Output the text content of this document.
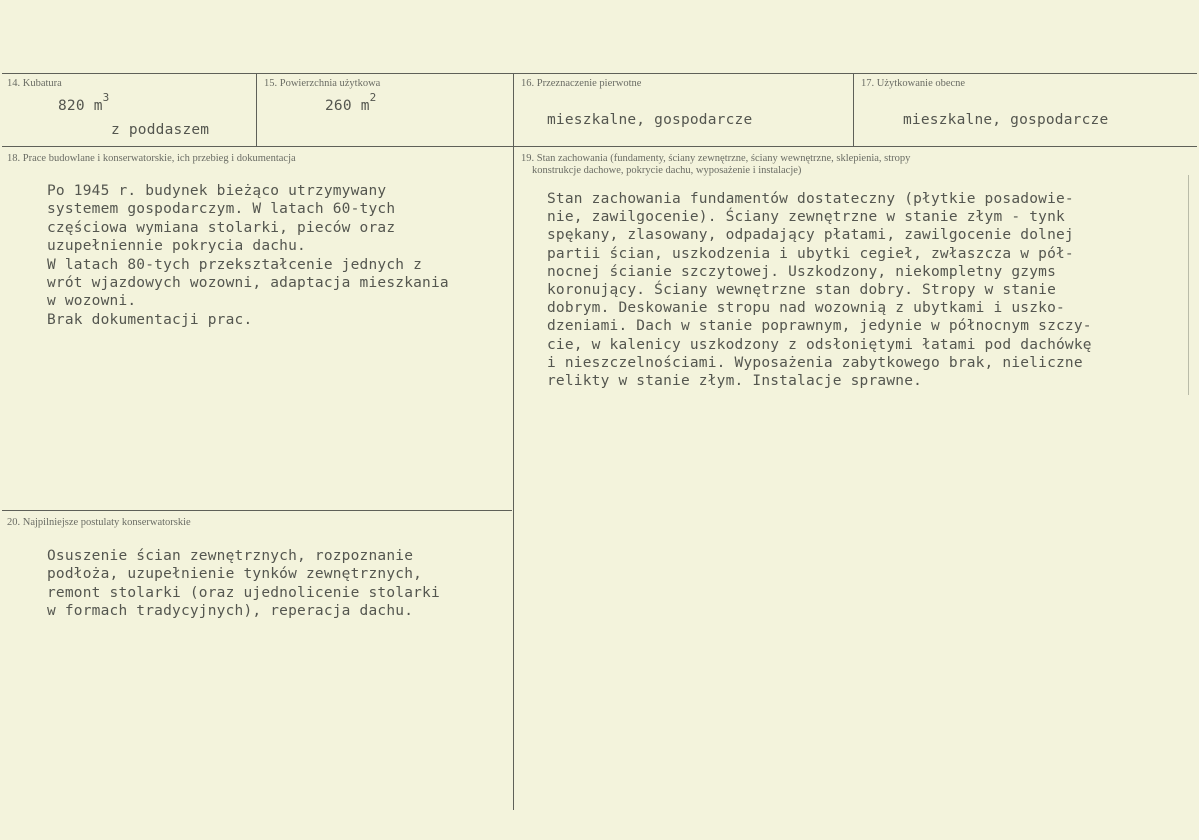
14. Kubatura
820 $m^3$
z poddaszem
15. Powierzchnia użytkowa
260 $m^2$
16. Przeznaczenie pierwotne
mieszkalne, gospodarcze
17. Użytkowanie obecne
mieszkalne, gospodarcze
18. Prace budowlane i konserwatorskie, ich przebieg i dokumentacja
Po 1945 r. budynek bieżąco utrzymywany
systemem gospodarczym. W latach 60-tych
częściowa wymiana stolarki, pieców oraz
uzupełniennie pokrycia dachu.
W latach 80-tych przekształcenie jednych z
wrót wjazdowych wozowni, adaptacja mieszkania
w wozowni.
Brak dokumentacji prac.
19. Stan zachowania (fundamenty, ściany zewnętrzne, ściany wewnętrzne, sklepienia, stropy
konstrukcje dachowe, pokrycie dachu, wyposażenie i instalacje)
Stan zachowania fundamentów dostateczny (płytkie posadowie-
nie, zawilgocenie). Ściany zewnętrzne w stanie złym - tynk
spękany, zlasowany, odpadający płatami, zawilgocenie dolnej
partii ścian, uszkodzenia i ubytki cegieł, zwłaszcza w pół-
nocnej ścianie szczytowej. Uszkodzony, niekompletny gzyms
koronujący. Ściany wewnętrzne stan dobry. Stropy w stanie
dobrym. Deskowanie stropu nad wozownią z ubytkami i uszko-
dzeniami. Dach w stanie poprawnym, jedynie w północnym szczy-
cie, w kalenicy uszkodzony z odsłoniętymi łatami pod dachówkę
i nieszczelnościami. Wyposażenia zabytkowego brak, nieliczne
relikty w stanie złym. Instalacje sprawne.
20. Najpilniejsze postulaty konserwatorskie
Osuszenie ścian zewnętrznych, rozpoznanie
podłoża, uzupełnienie tynków zewnętrznych,
remont stolarki (oraz ujednolicenie stolarki
w formach tradycyjnych), reperacja dachu.
